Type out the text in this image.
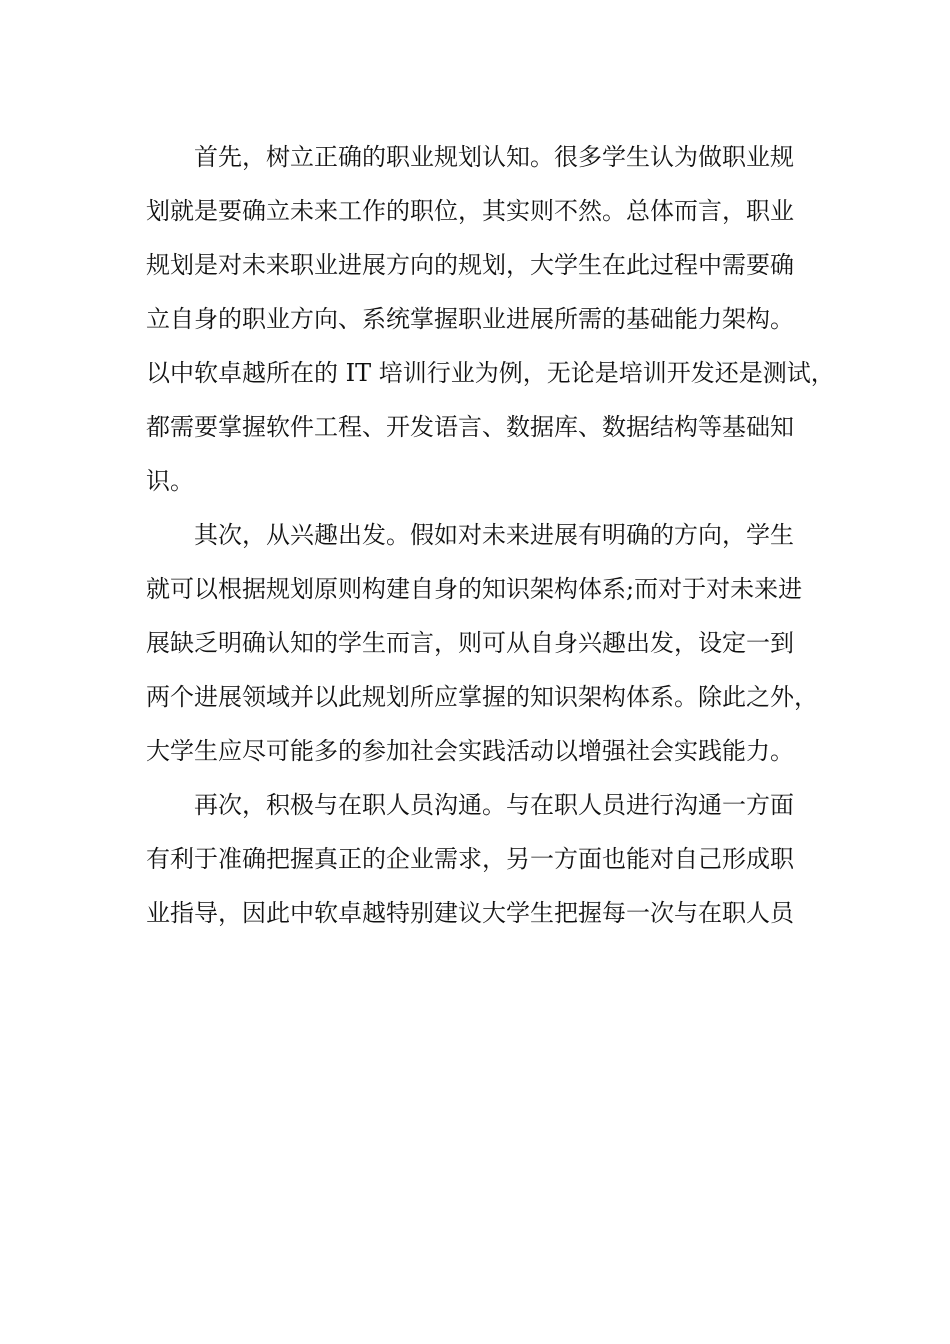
首先，树立正确的职业规划认知。很多学生认为做职业规
划就是要确立未来工作的职位，其实则不然。总体而言，职业
规划是对未来职业进展方向的规划，大学生在此过程中需要确
立自身的职业方向、系统掌握职业进展所需的基础能力架构。
以中软卓越所在的 IT 培训行业为例，无论是培训开发还是测试，
都需要掌握软件工程、开发语言、数据库、数据结构等基础知
识。
其次，从兴趣出发。假如对未来进展有明确的方向，学生
就可以根据规划原则构建自身的知识架构体系;而对于对未来进
展缺乏明确认知的学生而言，则可从自身兴趣出发，设定一到
两个进展领域并以此规划所应掌握的知识架构体系。除此之外，
大学生应尽可能多的参加社会实践活动以增强社会实践能力。
再次，积极与在职人员沟通。与在职人员进行沟通一方面
有利于准确把握真正的企业需求，另一方面也能对自己形成职
业指导，因此中软卓越特别建议大学生把握每一次与在职人员
